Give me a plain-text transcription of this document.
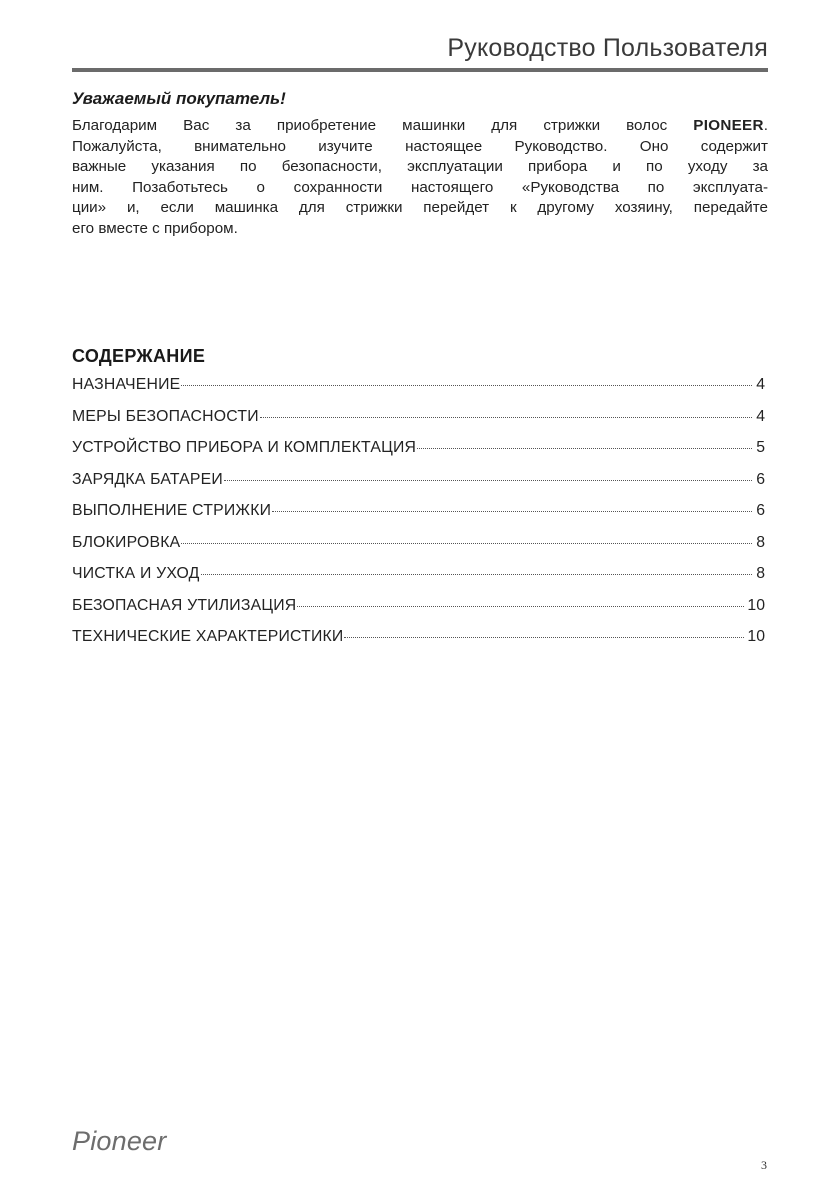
Руководство Пользователя
Уважаемый покупатель!

Благодарим Вас за приобретение машинки для стрижки волос PIONEER.

Пожалуйста, внимательно изучите настоящее Руководство. Оно содержит

важные указания по безопасности, эксплуатации прибора и по уходу за

ним. Позаботьтесь о сохранности настоящего «Руководства по эксплуата-

ции» и, если машинка для стрижки перейдет к другому хозяину, передайте

его вместе с прибором.

СОДЕРЖАНИЕ
НАЗНАЧЕНИЕ	4
МЕРЫ БЕЗОПАСНОСТИ	4
УСТРОЙСТВО ПРИБОРА И КОМПЛЕКТАЦИЯ	5
ЗАРЯДКА БАТАРЕИ	6
ВЫПОЛНЕНИЕ СТРИЖКИ	6
БЛОКИРОВКА	8
ЧИСТКА И УХОД	8
БЕЗОПАСНАЯ УТИЛИЗАЦИЯ	10
ТЕХНИЧЕСКИЕ ХАРАКТЕРИСТИКИ	10
Pioneer
3
